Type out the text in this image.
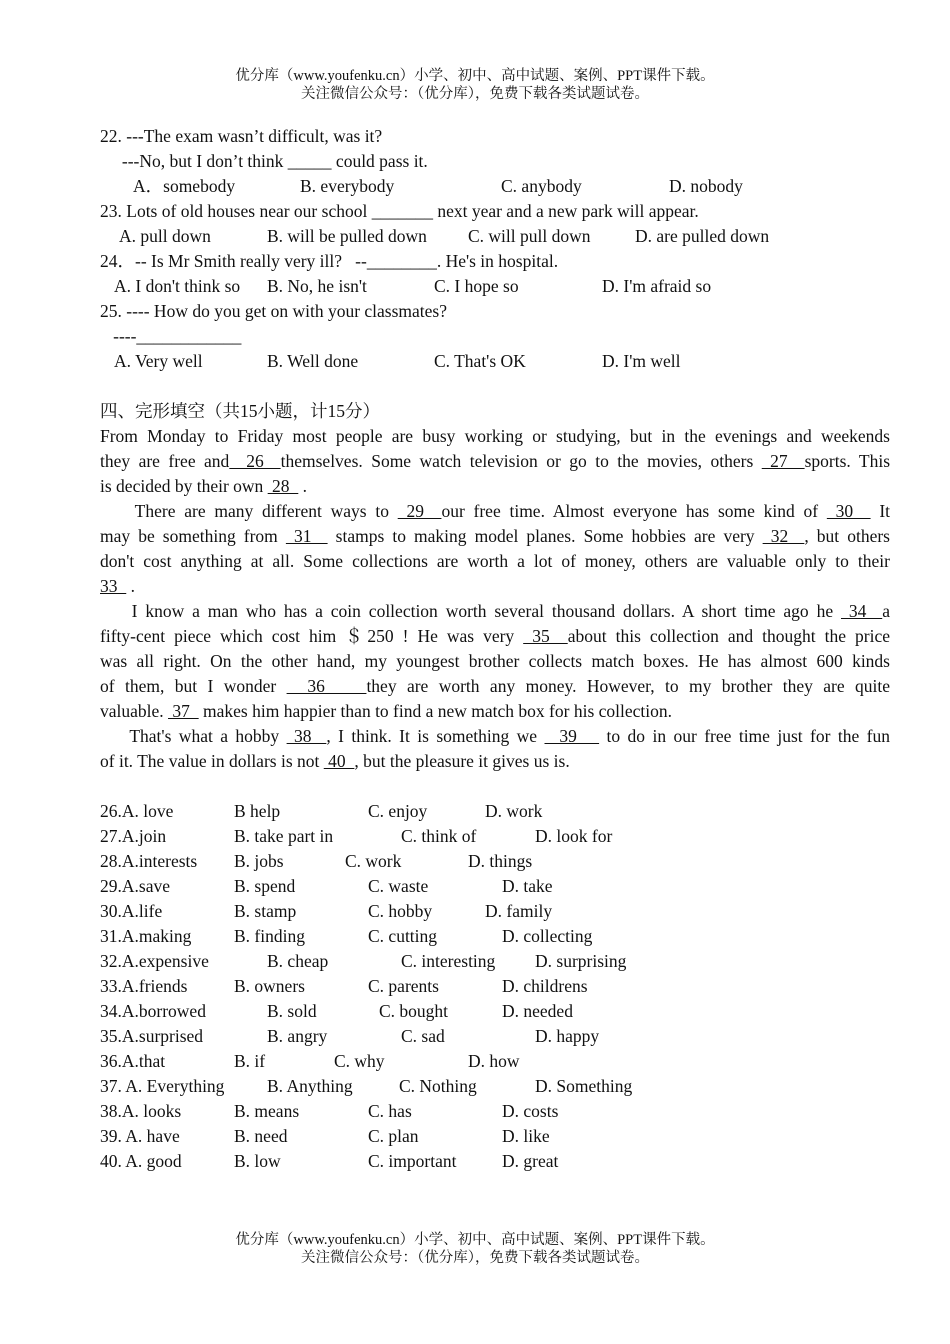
优分库（www.youfenku.cn）小学、初中、高中试题、案例、PPT课件下载。
关注微信公众号：（优分库），免费下载各类试题试卷。
22. ---The exam wasn’t difficult, was it?
---No, but I don’t think _____ could pass it.
A．somebody	B. everybody	C. anybody	D. nobody
23. Lots of old houses near our school _______ next year and a new park will appear.
A. pull down	B. will be pulled down C. will pull down	D. are pulled down
24．-- Is Mr Smith really very ill?   --________. He's in hospital.
A. I don't think so B. No, he isn't	C. I hope so	D. I'm afraid so
25. ---- How do you get on with your classmates?
----____________
A. Very well	B. Well done	C. That's OK	D. I'm well
四、完形填空（共15小题，计15分）
From Monday to Friday most people are busy working or studying, but in the evenings and weekends
they are free and  26  themselves. Some watch television or go to the movies, others  27  sports. This
is decided by their own  28   .
There are many different ways to  29  our free time. Almost everyone has some kind of  30   It
may be something from  31   stamps to making model planes. Some hobbies are very  32  , but others
don't cost anything at all. Some collections are worth a lot of money, others are valuable only to their
33   .
I know a man who has a coin collection worth several thousand dollars. A short time ago he  34  a
fifty-cent piece which cost him ＄250 ! He was very  35  about this collection and thought the price
was all right. On the other hand, my youngest brother collects match boxes. He has almost 600 kinds
of them, but I wonder   36    they are worth any money. However, to my brother they are quite
valuable.  37   makes him happier than to find a new match box for his collection.
That's what a hobby  38  , I think. It is something we   39    to do in our free time just for the fun
of it. The value in dollars is not  40  , but the pleasure it gives us is.
26.A. love	B help	C. enjoy	D. work
27.A.join	B. take part in	C. think of	D. look for
28.A.interests B. jobs	C. work	D. things
29.A.save	B. spend	C. waste	D. take
30.A.life	B. stamp	C. hobby	D. family
31.A.making B. finding	C. cutting	D. collecting
32.A.expensive	B. cheap	C. interesting D. surprising
33.A.friends	B. owners	C. parents	D. childrens
34.A.borrowed	B. sold	C. bought	D. needed
35.A.surprised	B. angry	C. sad	D. happy
36.A.that	B. if	C. why	D. how
37. A. Everything B. Anything	C. Nothing	D. Something
38.A. looks	B. means	C. has	D. costs
39. A. have	B. need	C. plan	D. like
40. A. good	B. low	C. important	D. great
优分库（www.youfenku.cn）小学、初中、高中试题、案例、PPT课件下载。
关注微信公众号：（优分库），免费下载各类试题试卷。
